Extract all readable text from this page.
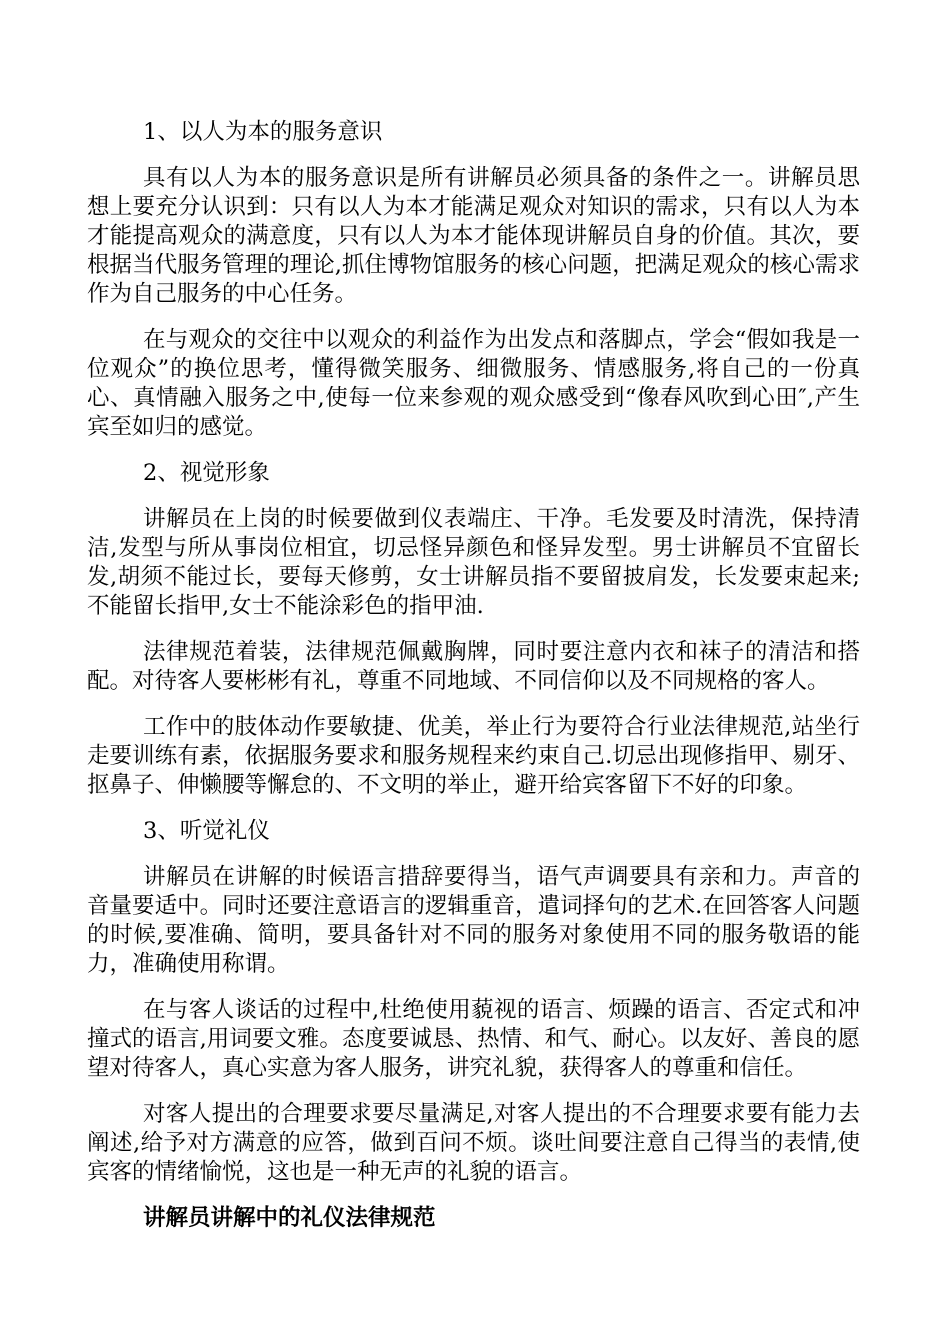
1、以人为本的服务意识

具有以人为本的服务意识是所有讲解员必须具备的条件之一。讲解员思想上要充分认识到：只有以人为本才能满足观众对知识的需求，只有以人为本才能提高观众的满意度，只有以人为本才能体现讲解员自身的价值。其次，要根据当代服务管理的理论,抓住博物馆服务的核心问题，把满足观众的核心需求作为自己服务的中心任务。

在与观众的交往中以观众的利益作为出发点和落脚点，学会“假如我是一位观众”的换位思考，懂得微笑服务、细微服务、情感服务,将自己的一份真心、真情融入服务之中,使每一位来参观的观众感受到“像春风吹到心田″,产生宾至如归的感觉。

2、视觉形象

讲解员在上岗的时候要做到仪表端庄、干净。毛发要及时清洗，保持清洁,发型与所从事岗位相宜，切忌怪异颜色和怪异发型。男士讲解员不宜留长发,胡须不能过长，要每天修剪，女士讲解员指不要留披肩发，长发要束起来;不能留长指甲,女士不能涂彩色的指甲油.

法律规范着装，法律规范佩戴胸牌，同时要注意内衣和袜子的清洁和搭配。对待客人要彬彬有礼，尊重不同地域、不同信仰以及不同规格的客人。

工作中的肢体动作要敏捷、优美，举止行为要符合行业法律规范,站坐行走要训练有素，依据服务要求和服务规程来约束自己.切忌出现修指甲、剔牙、抠鼻子、伸懒腰等懈怠的、不文明的举止，避开给宾客留下不好的印象。

3、听觉礼仪

讲解员在讲解的时候语言措辞要得当，语气声调要具有亲和力。声音的音量要适中。同时还要注意语言的逻辑重音，遣词择句的艺术.在回答客人问题的时候,要准确、简明，要具备针对不同的服务对象使用不同的服务敬语的能力，准确使用称谓。

在与客人谈话的过程中,杜绝使用藐视的语言、烦躁的语言、否定式和冲撞式的语言,用词要文雅。态度要诚恳、热情、和气、耐心。以友好、善良的愿望对待客人，真心实意为客人服务，讲究礼貌，获得客人的尊重和信任。

对客人提出的合理要求要尽量满足,对客人提出的不合理要求要有能力去阐述,给予对方满意的应答，做到百问不烦。谈吐间要注意自己得当的表情,使宾客的情绪愉悦，这也是一种无声的礼貌的语言。

讲解员讲解中的礼仪法律规范
